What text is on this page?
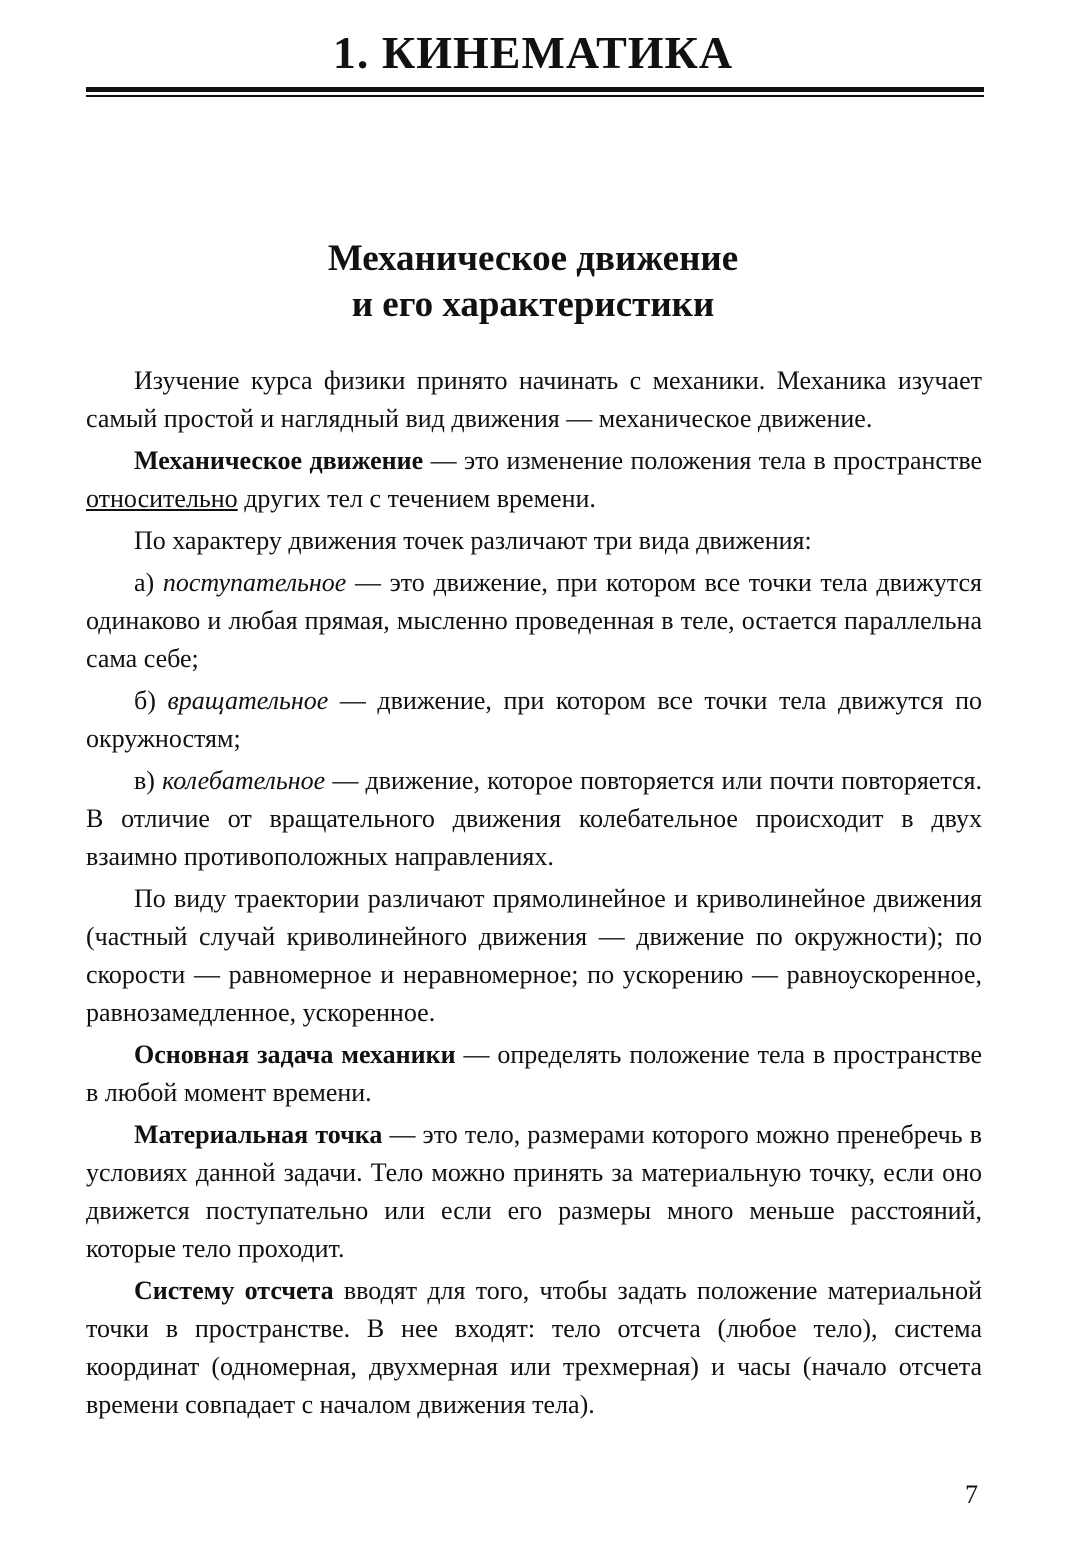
1. КИНЕМАТИКА
Механическое движение
и его характеристики

Изучение курса физики принято начинать с механики. Механика изучает самый простой и наглядный вид движения — механическое движение.

Механическое движение — это изменение положения тела в пространстве относительно других тел с течением времени.

По характеру движения точек различают три вида движения:

а) поступательное — это движение, при котором все точки тела движутся одинаково и любая прямая, мысленно проведенная в теле, остается параллельна сама себе;

б) вращательное — движение, при котором все точки тела движутся по окружностям;

в) колебательное — движение, которое повторяется или почти повторяется. В отличие от вращательного движения колебательное происходит в двух взаимно противоположных направлениях.

По виду траектории различают прямолинейное и криволинейное движения (частный случай криволинейного движения — движение по окружности); по скорости — равномерное и неравномерное; по ускорению — равноускоренное, равнозамедленное, ускоренное.

Основная задача механики — определять положение тела в пространстве в любой момент времени.

Материальная точка — это тело, размерами которого можно пренебречь в условиях данной задачи. Тело можно принять за материальную точку, если оно движется поступательно или если его размеры много меньше расстояний, которые тело проходит.

Систему отсчета вводят для того, чтобы задать положение материальной точки в пространстве. В нее входят: тело отсчета (любое тело), система координат (одномерная, двухмерная или трехмерная) и часы (начало отсчета времени совпадает с началом движения тела).

7
